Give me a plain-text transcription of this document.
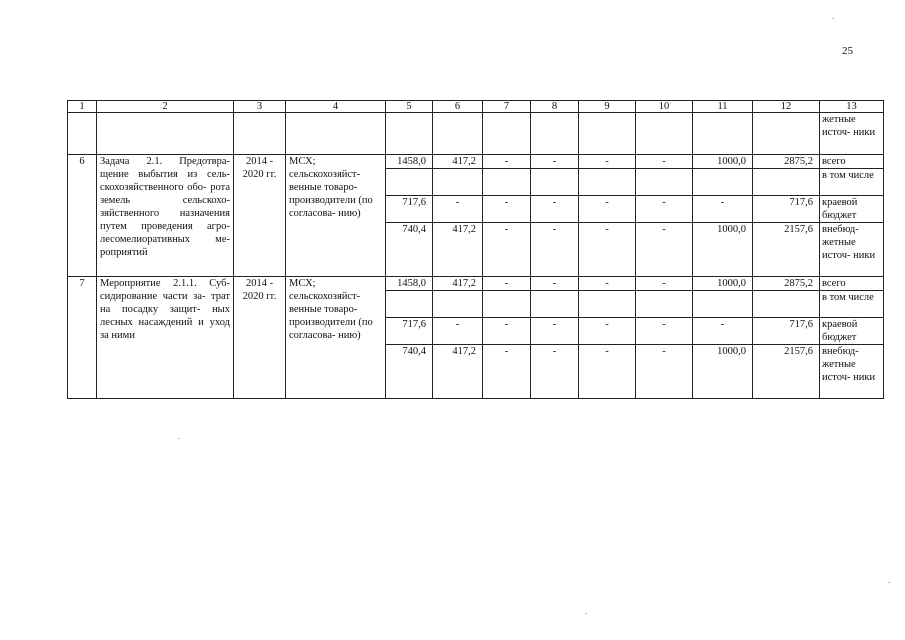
25
1	2	3	4	5	6	7	8	9	10	11	12	13
												жетные источ- ники
6	Задача 2.1. Предотвра- щение выбытия из сель- скохозяйственного обо- рота земель сельскохо- зяйственного назначения путем проведения агро- лесомелиоративных ме- роприятий	2014 - 2020 гг.	МСХ; сельскохозяйст- венные товаро- производители (по согласова- нию)	1458,0	417,2	-	-	-	-	1000,0	2875,2	всего
												в том числе
				717,6	-	-	-	-	-	-	717,6	краевой бюджет
				740,4	417,2	-	-	-	-	1000,0	2157,6	внебюд- жетные источ- ники
7	Мероприятие 2.1.1. Суб- сидирование части за- трат на посадку защит- ных лесных насаждений и уход за ними	2014 - 2020 гг.	МСХ; сельскохозяйст- венные товаро- производители (по согласова- нию)	1458,0	417,2	-	-	-	-	1000,0	2875,2	всего
												в том числе
				717,6	-	-	-	-	-	-	717,6	краевой бюджет
				740,4	417,2	-	-	-	-	1000,0	2157,6	внебюд- жетные источ- ники
